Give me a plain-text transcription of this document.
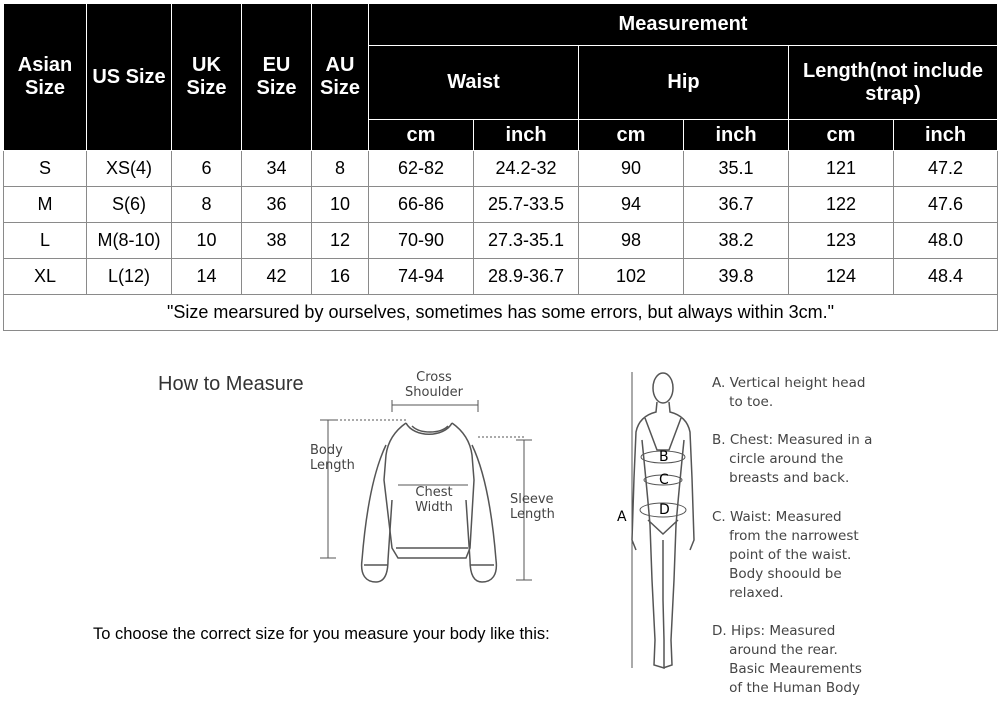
Asian Size	US Size	UK Size	EU Size	AU Size	Measurement					
					Waist		Hip		Length(not include strap)	
					cm	inch	cm	inch	cm	inch
S	XS(4)	6	34	8	62-82	24.2-32	90	35.1	121	47.2
M	S(6)	8	36	10	66-86	25.7-33.5	94	36.7	122	47.6
L	M(8-10)	10	38	12	70-90	27.3-35.1	98	38.2	123	48.0
XL	L(12)	14	42	16	74-94	28.9-36.7	102	39.8	124	48.4
"Size mearsured by ourselves, sometimes has some errors, but always within 3cm."										
How to Measure	Cross
Shoulder
Body
Length
Chest
Width
Sleeve
Length	A
B
C
D
A. Vertical height head
to toe.
B. Chest: Measured in a
circle around the
breasts and back.
C. Waist: Measured
from the narrowest
point of the waist.
Body shoould be
relaxed.
D. Hips: Measured
around the rear.
Basic Meaurements
of the Human Body
To choose the correct size for you measure your body like this:
